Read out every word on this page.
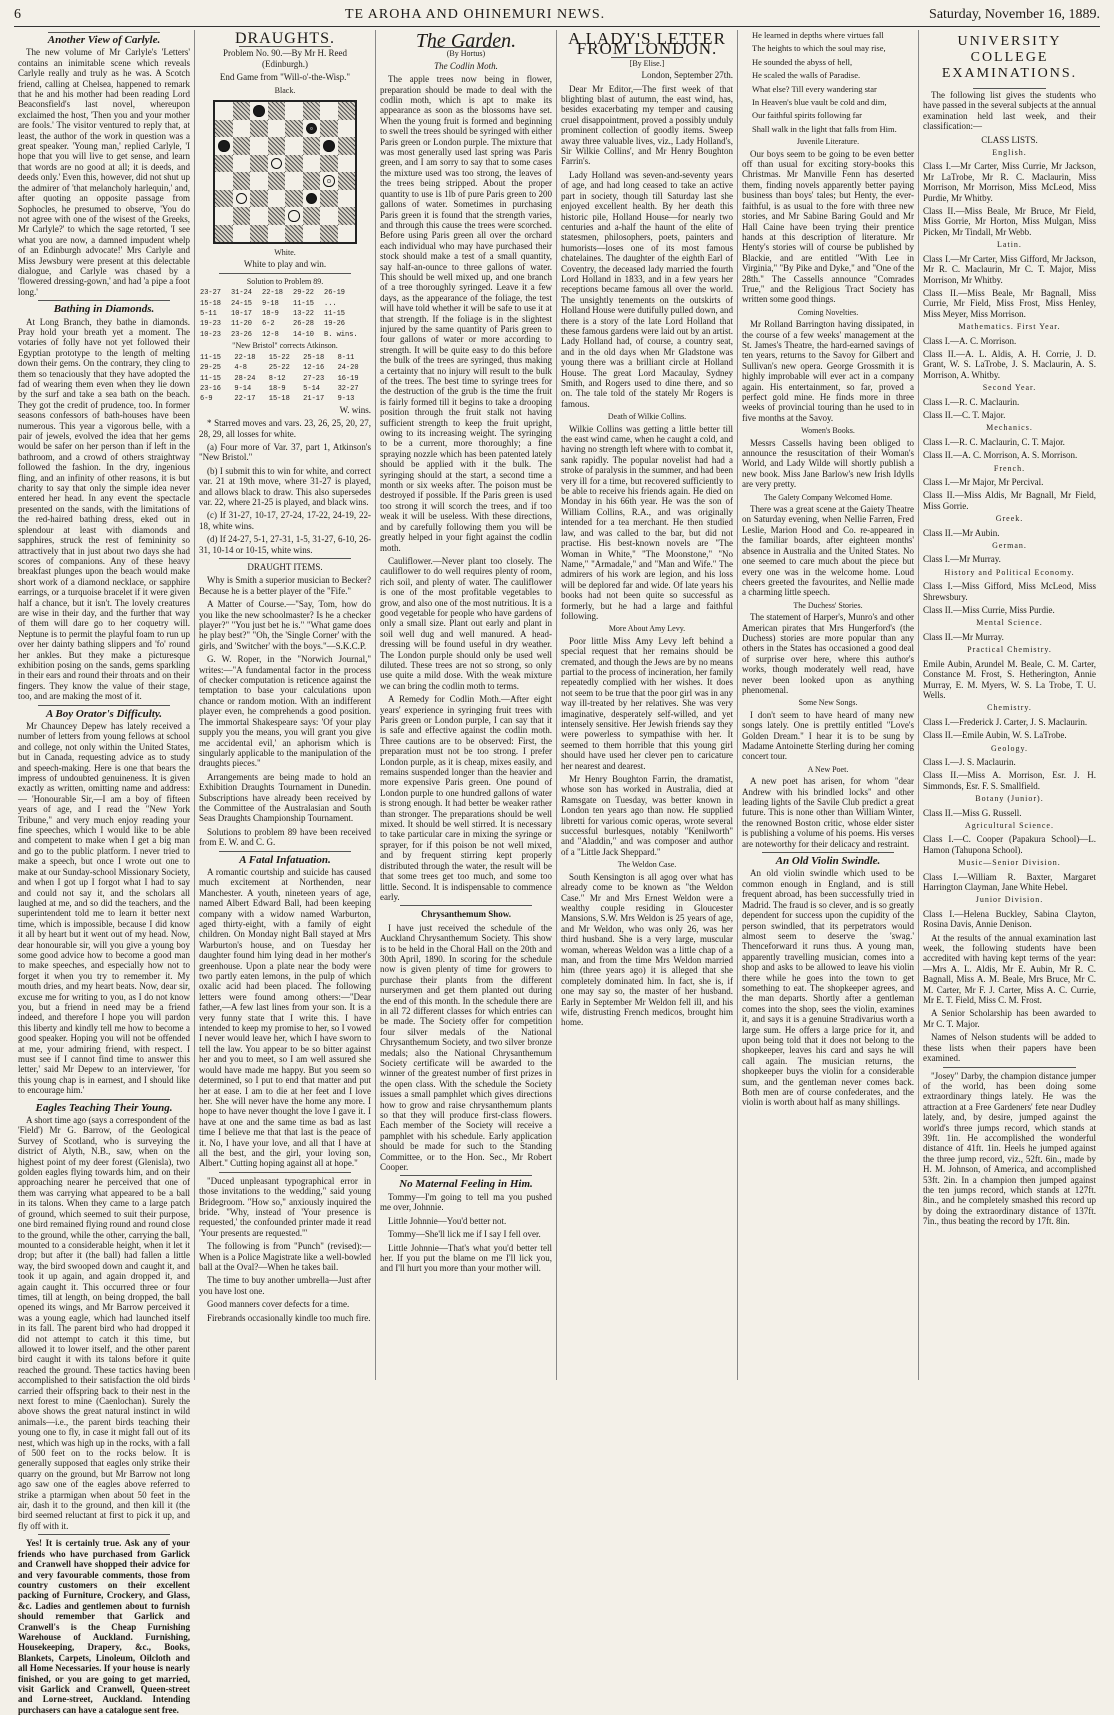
6	TE AROHA AND OHINEMURI NEWS.	Saturday, November 16, 1889.
Another View of Carlyle.

The new volume of Mr Carlyle's 'Letters' contains an inimitable scene which reveals Carlyle really and truly as he was. A Scotch friend, calling at Chelsea, happened to remark that he and his mother had been reading Lord Beaconsfield's last novel, whereupon exclaimed the host, 'Then you and your mother are fools.' The visitor ventured to reply that, at least, the author of the work in question was a great speaker. 'Young man,' replied Carlyle, 'I hope that you will live to get sense, and learn that words are no good at all; it is deeds, and deeds only.' Even this, however, did not shut up the admirer of 'that melancholy harlequin,' and, after quoting an opposite passage from Sophocles, he presumed to observe, 'You do not agree with one of the wisest of the Greeks, Mr Carlyle?' to which the sage retorted, 'I see what you are now, a damned impudent whelp of an Edinburgh advocate!' Mrs Carlyle and Miss Jewsbury were present at this delectable dialogue, and Carlyle was chased by a 'flowered dressing-gown,' and had 'a pipe a foot long.'

Bathing in Diamonds.

At Long Branch, they bathe in diamonds. Pray hold your breath yet a moment. The votaries of folly have not yet followed their Egyptian prototype to the length of melting down their gems. On the contrary, they cling to them so tenaciously that they have adopted the fad of wearing them even when they lie down by the surf and take a sea bath on the beach. They got the credit of prudence, too. In former seasons confessors of bath-houses have been numerous. This year a vigorous belle, with a pair of jewels, evolved the idea that her gems would be safer on her person than if left in the bathroom, and a crowd of others straightway followed the fashion. In the dry, ingenious fling, and an infinity of other reasons, it is but charity to say that only the simple idea never entered her head. In any event the spectacle presented on the sands, with the limitations of the red-haired bathing dress, eked out in splendour at least with diamonds and sapphires, struck the rest of femininity so attractively that in just about two days she had scores of companions. Any of these heavy breakfast plunges upon the beach would make short work of a diamond necklace, or sapphire earrings, or a turquoise bracelet if it were given half a chance, but it isn't. The lovely creatures are wise in their day, and the further that way of them will dare go to her coquetry will. Neptune is to permit the playful foam to run up over her dainty bathing slippers and 'fo' round her ankles. But they make a picturesque exhibition posing on the sands, gems sparkling in their ears and round their throats and on their fingers. They know the value of their stage, too, and are making the most of it.

A Boy Orator's Difficulty.

Mr Chauncey Depew has lately received a number of letters from young fellows at school and college, not only within the United States, but in Canada, requesting advice as to study and speech-making. Here is one that bears the impress of undoubted genuineness. It is given exactly as written, omitting name and address:— 'Honourable Sir,—I am a boy of fifteen years of age, and I read the "New York Tribune," and very much enjoy reading your fine speeches, which I would like to be able and competent to make when I get a big man and go to the public platform. I never tried to make a speech, but once I wrote out one to make at our Sunday-school Missionary Society, and when I got up I forgot what I had to say and could not say it, and the scholars all laughed at me, and so did the teachers, and the superintendent told me to learn it better next time, which is impossible, because I did know it all by heart but it went out of my head. Now, dear honourable sir, will you give a young boy some good advice how to become a good man to make speeches, and especially how not to forget it when you try to remember it. My mouth dries, and my heart beats. Now, dear sir, excuse me for writing to you, as I do not know you, but a friend in need may be a friend indeed, and therefore I hope you will pardon this liberty and kindly tell me how to become a good speaker. Hoping you will not be offended at me, your admiring friend, with respect. I must see if I cannot find time to answer this letter,' said Mr Depew to an interviewer, 'for this young chap is in earnest, and I should like to encourage him.'

Eagles Teaching Their Young.

A short time ago (says a correspondent of the 'Field') Mr G. Barrow, of the Geological Survey of Scotland, who is surveying the district of Alyth, N.B., saw, when on the highest point of my deer forest (Glenisla), two golden eagles flying towards him, and on their approaching nearer he perceived that one of them was carrying what appeared to be a ball in its talons. When they came to a large patch of ground, which seemed to suit their purpose, one bird remained flying round and round close to the ground, while the other, carrying the ball, mounted to a considerable height, when it let it drop; but after it (the ball) had fallen a little way, the bird swooped down and caught it, and took it up again, and again dropped it, and again caught it. This occurred three or four times, till at length, on being dropped, the ball opened its wings, and Mr Barrow perceived it was a young eagle, which had launched itself in its fall. The parent bird who had dropped it did not attempt to catch it this time, but allowed it to lower itself, and the other parent bird caught it with its talons before it quite reached the ground. These tactics having been accomplished to their satisfaction the old birds carried their offspring back to their nest in the next forest to mine (Caenlochan). Surely the above shows the great natural instinct in wild animals—i.e., the parent birds teaching their young one to fly, in case it might fall out of its nest, which was high up in the rocks, with a fall of 500 feet on to the rocks below. It is generally supposed that eagles only strike their quarry on the ground, but Mr Barrow not long ago saw one of the eagles above referred to strike a ptarmigan when about 50 feet in the air, dash it to the ground, and then kill it (the bird seemed reluctant at first to pick it up, and fly off with it.

Yes! It is certainly true. Ask any of your friends who have purchased from Garlick and Cranwell have shopped their advice for and very favourable comments, those from country customers on their excellent packing of Furniture, Crockery, and Glass, &c. Ladies and gentlemen about to furnish should remember that Garlick and Cranwell's is the Cheap Furnishing Warehouse of Auckland. Furnishing, Housekeeping, Drapery, &c., Books, Blankets, Carpets, Linoleum, Oilcloth and all Home Necessaries. If your house is nearly finished, or you are going to get married, visit Garlick and Cranwell, Queen-street and Lorne-street, Auckland. Intending purchasers can have a catalogue sent free.

DRAUGHTS.

Problem No. 90.—By Mr H. Reed (Edinburgh.)

End Game from "Will-o'-the-Wisp."

Black.

White.

White to play and win.

Solution to Problem 89.

23-27	31-24	22-18	29-22	26-19
15-18	24-15	9-18	11-15	...
5-11	10-17	18-9	13-22	11-15
19-23	11-20	6-2	26-28	19-26
10-23	23-26	12-8	14-10	B. wins.

"New Bristol" corrects Atkinson.

11-15	22-18	15-22	25-18	8-11
29-25	4-8	25-22	12-16	24-20
11-15	28-24	8-12	27-23	16-19
23-16	9-14	18-9	5-14	32-27
6-9	22-17	15-18	21-17	9-13

W. wins.

* Starred moves and vars. 23, 26, 25, 20, 27, 28, 29, all losses for white.

(a) Four more of Var. 37, part 1, Atkinson's "New Bristol."

(b) I submit this to win for white, and correct var. 21 at 19th move, where 31-27 is played, and allows black to draw. This also supersedes var. 22, where 21-25 is played, and black wins.

(c) If 31-27, 10-17, 27-24, 17-22, 24-19, 22-18, white wins.

(d) If 24-27, 5-1, 27-31, 1-5, 31-27, 6-10, 26-31, 10-14 or 10-15, white wins.

DRAUGHT ITEMS.

Why is Smith a superior musician to Becker? Because he is a better player of the "Fife."

A Matter of Course.—"Say, Tom, how do you like the new schoolmaster? Is he a checker player?" "You just bet he is." "What game does he play best?" "Oh, the 'Single Corner' with the girls, and 'Switcher' with the boys."—S.K.C.P.

G. W. Roper, in the "Norwich Journal," writes:—"A fundamental factor in the process of checker computation is reticence against the temptation to base your calculations upon chance or random motion. With an indifferent player even, he comprehends a good position. The immortal Shakespeare says: 'Of your play supply you the means, you will grant you give me accidental evil,' an aphorism which is singularly applicable to the manipulation of the draughts pieces."

Arrangements are being made to hold an Exhibition Draughts Tournament in Dunedin. Subscriptions have already been received by the Committee of the Australasian and South Seas Draughts Championship Tournament.

Solutions to problem 89 have been received from E. W. and C. G.

A Fatal Infatuation.

A romantic courtship and suicide has caused much excitement at Northenden, near Manchester. A youth, nineteen years of age, named Albert Edward Ball, had been keeping company with a widow named Warburton, aged thirty-eight, with a family of eight children. On Monday night Ball stayed at Mrs Warburton's house, and on Tuesday her daughter found him lying dead in her mother's greenhouse. Upon a plate near the body were two partly eaten lemons, in the pulp of which oxalic acid had been placed. The following letters were found among others:—"Dear father,—A few last lines from your son. It is a very funny state that I write this. I have intended to keep my promise to her, so I vowed I never would leave her, which I have sworn to tell the law. You appear to be so bitter against her and you to meet, so I am well assured she would have made me happy. But you seem so determined, so I put to end that matter and put her at ease. I am to die at her feet and I love her. She will never have the home any more. I hope to have never thought the love I gave it. I have at one and the same time as bad as last time I believe me that that last is the peace of it. No, I have your love, and all that I have at all the best, and the girl, your loving son, Albert." Cutting hoping against all at hope."

"Duced unpleasant typographical error in those invitations to the wedding," said young Bridegroom. "How so," anxiously inquired the bride. "Why, instead of 'Your presence is requested,' the confounded printer made it read 'Your presents are requested.'"

The following is from "Punch" (revised):—When is a Police Magistrate like a well-bowled ball at the Oval?—When he takes bail.

The time to buy another umbrella—Just after you have lost one.

Good manners cover defects for a time.

Firebrands occasionally kindle too much fire.

The Garden.

(By Hortus)

The Codlin Moth.

The apple trees now being in flower, preparation should be made to deal with the codlin moth, which is apt to make its appearance as soon as the blossoms have set. When the young fruit is formed and beginning to swell the trees should be syringed with either Paris green or London purple. The mixture that was most generally used last spring was Paris green, and I am sorry to say that to some cases the mixture used was too strong, the leaves of the trees being stripped. About the proper quantity to use is 1lb of pure Paris green to 200 gallons of water. Sometimes in purchasing Paris green it is found that the strength varies, and through this cause the trees were scorched. Before using Paris green all over the orchard each individual who may have purchased their stock should make a test of a small quantity, say half-an-ounce to three gallons of water. This should be well mixed up, and one branch of a tree thoroughly syringed. Leave it a few days, as the appearance of the foliage, the test will have told whether it will be safe to use it at that strength. If the foliage is in the slightest injured by the same quantity of Paris green to four gallons of water or more according to strength. It will be quite easy to do this before the bulk of the trees are syringed, thus making a certainty that no injury will result to the bulk of the trees. The best time to syringe trees for the destruction of the grub is the time the fruit is fairly formed till it begins to take a drooping position through the fruit stalk not having sufficient strength to keep the fruit upright, owing to its increasing weight. The syringing to be a current, more thoroughly; a fine spraying nozzle which has been patented lately should be applied with it the bulk. The syringing should at the start, a second time a month or six weeks after. The poison must be destroyed if possible. If the Paris green is used too strong it will scorch the trees, and if too weak it will be useless. With these directions, and by carefully following them you will be greatly helped in your fight against the codlin moth.

Cauliflower.—Never plant too closely. The cauliflower to do well requires plenty of room, rich soil, and plenty of water. The cauliflower is one of the most profitable vegetables to grow, and also one of the most nutritious. It is a good vegetable for people who have gardens of only a small size. Plant out early and plant in soil well dug and well manured. A head-dressing will be found useful in dry weather. The London purple should only be used well diluted. These trees are not so strong, so only use quite a mild dose. With the weak mixture we can bring the codlin moth to terms.

A Remedy for Codlin Moth.—After eight years' experience in syringing fruit trees with Paris green or London purple, I can say that it is safe and effective against the codlin moth. Three cautions are to be observed: First, the preparation must not be too strong. I prefer London purple, as it is cheap, mixes easily, and remains suspended longer than the heavier and more expensive Paris green. One pound of London purple to one hundred gallons of water is strong enough. It had better be weaker rather than stronger. The preparations should be well mixed. It should be well stirred. It is necessary to take particular care in mixing the syringe or sprayer, for if this poison be not well mixed, and by frequent stirring kept properly distributed through the water, the result will be that some trees get too much, and some too little. Second. It is indispensable to commence early.

Chrysanthemum Show.

I have just received the schedule of the Auckland Chrysanthemum Society. This show is to be held in the Choral Hall on the 20th and 30th April, 1890. In scoring for the schedule now is given plenty of time for growers to purchase their plants from the different nurserymen and get them planted out during the end of this month. In the schedule there are in all 72 different classes for which entries can be made. The Society offer for competition four silver medals of the National Chrysanthemum Society, and two silver bronze medals; also the National Chrysanthemum Society certificate will be awarded to the winner of the greatest number of first prizes in the open class. With the schedule the Society issues a small pamphlet which gives directions how to grow and raise chrysanthemum plants so that they will produce first-class flowers. Each member of the Society will receive a pamphlet with his schedule. Early application should be made for such to the Standing Committee, or to the Hon. Sec., Mr Robert Cooper.

No Maternal Feeling in Him.

Tommy—I'm going to tell ma you pushed me over, Johnnie.

Little Johnnie—You'd better not.

Tommy—She'll lick me if I say I fell over.

Little Johnnie—That's what you'd better tell her. If you put the blame on me I'll lick you, and I'll hurt you more than your mother will.

A LADY'S LETTER FROM LONDON.

[By Elise.]

London, September 27th.

Dear Mr Editor,—The first week of that blighting blast of autumn, the east wind, has, besides exacerbating my temper and causing cruel disappointment, proved a possibly unduly prominent collection of goodly items. Sweep away three valuable lives, viz., Lady Holland's, Sir Wilkie Collins', and Mr Henry Boughton Farrin's.

Lady Holland was seven-and-seventy years of age, and had long ceased to take an active part in society, though till Saturday last she enjoyed excellent health. By her death this historic pile, Holland House—for nearly two centuries and a-half the haunt of the elite of statesmen, philosophers, poets, painters and humorists—loses one of its most famous chatelaines. The daughter of the eighth Earl of Coventry, the deceased lady married the fourth Lord Holland in 1833, and in a few years her receptions became famous all over the world. The unsightly tenements on the outskirts of Holland House were dutifully pulled down, and there is a story of the late Lord Holland that these famous gardens were laid out by an artist. Lady Holland had, of course, a country seat, and in the old days when Mr Gladstone was young there was a brilliant circle at Holland House. The great Lord Macaulay, Sydney Smith, and Rogers used to dine there, and so on. The tale told of the stately Mr Rogers is famous.

Death of Wilkie Collins.

Wilkie Collins was getting a little better till the east wind came, when he caught a cold, and having no strength left where with to combat it, sank rapidly. The popular novelist had had a stroke of paralysis in the summer, and had been very ill for a time, but recovered sufficiently to be able to receive his friends again. He died on Monday in his 66th year. He was the son of William Collins, R.A., and was originally intended for a tea merchant. He then studied law, and was called to the bar, but did not practise. His best-known novels are "The Woman in White," "The Moonstone," "No Name," "Armadale," and "Man and Wife." The admirers of his work are legion, and his loss will be deplored far and wide. Of late years his books had not been quite so successful as formerly, but he had a large and faithful following.

More About Amy Levy.

Poor little Miss Amy Levy left behind a special request that her remains should be cremated, and though the Jews are by no means partial to the process of incineration, her family repeatedly complied with her wishes. It does not seem to be true that the poor girl was in any way ill-treated by her relatives. She was very imaginative, desperately self-willed, and yet intensely sensitive. Her Jewish friends say they were powerless to sympathise with her. It seemed to them horrible that this young girl should have used her clever pen to caricature her nearest and dearest.

Mr Henry Boughton Farrin, the dramatist, whose son has worked in Australia, died at Ramsgate on Tuesday, was better known in London ten years ago than now. He supplied libretti for various comic operas, wrote several successful burlesques, notably "Kenilworth" and "Aladdin," and was composer and author of a "Little Jack Sheppard."

The Weldon Case.

South Kensington is all agog over what has already come to be known as "the Weldon Case." Mr and Mrs Ernest Weldon were a wealthy couple residing in Gloucester Mansions, S.W. Mrs Weldon is 25 years of age, and Mr Weldon, who was only 26, was her third husband. She is a very large, muscular woman, whereas Weldon was a little chap of a man, and from the time Mrs Weldon married him (three years ago) it is alleged that she completely dominated him. In fact, she is, if one may say so, the master of her husband. Early in September Mr Weldon fell ill, and his wife, distrusting French medicos, brought him home.

He learned in depths where virtues fall

The heights to which the soul may rise,

He sounded the abyss of hell,

He scaled the walls of Paradise.

What else? Till every wandering star

In Heaven's blue vault be cold and dim,

Our faithful spirits following far

Shall walk in the light that falls from Him.

Juvenile Literature.

Our boys seem to be going to be even better off than usual for exciting story-books this Christmas. Mr Manville Fenn has deserted them, finding novels apparently better paying business than boys' tales; but Henty, the ever-faithful, is as usual to the fore with three new stories, and Mr Sabine Baring Gould and Mr Hall Caine have been trying their prentice hands at this description of literature. Mr Henty's stories will of course be published by Blackie, and are entitled "With Lee in Virginia," "By Pike and Dyke," and "One of the 28th." The Cassells announce "Comrades True," and the Religious Tract Society has written some good things.

Coming Novelties.

Mr Rolland Barrington having dissipated, in the course of a few weeks' management at the St. James's Theatre, the hard-earned savings of ten years, returns to the Savoy for Gilbert and Sullivan's new opera. George Grossmith it is highly improbable will ever act in a company again. His entertainment, so far, proved a perfect gold mine. He finds more in three weeks of provincial touring than he used to in five months at the Savoy.

Women's Books.

Messrs Cassells having been obliged to announce the resuscitation of their Woman's World, and Lady Wilde will shortly publish a new book. Miss Jane Barlow's new Irish Idylls are very pretty.

The Galety Company Welcomed Home.

There was a great scene at the Gaiety Theatre on Saturday evening, when Nellie Farren, Fred Leslie, Marion Hood and Co. re-appeared in the familiar boards, after eighteen months' absence in Australia and the United States. No one seemed to care much about the piece but every one was in the welcome home. Loud cheers greeted the favourites, and Nellie made a charming little speech.

The Duchess' Stories.

The statement of Harper's, Munro's and other American pirates that Mrs Hungerford's (the Duchess) stories are more popular than any others in the States has occasioned a good deal of surprise over here, where this author's works, though moderately well read, have never been looked upon as anything phenomenal.

Some New Songs.

I don't seem to have heard of many new songs lately. One is prettily entitled "Love's Golden Dream." I hear it is to be sung by Madame Antoinette Sterling during her coming concert tour.

A New Poet.

A new poet has arisen, for whom "dear Andrew with his brindled locks" and other leading lights of the Savile Club predict a great future. This is none other than William Winter, the renowned Boston critic, whose elder sister is publishing a volume of his poems. His verses are noteworthy for their delicacy and restraint.

An Old Violin Swindle.

An old violin swindle which used to be common enough in England, and is still frequent abroad, has been successfully tried in Madrid. The fraud is so clever, and is so greatly dependent for success upon the cupidity of the person swindled, that its perpetrators would almost seem to deserve the 'swag.' Thenceforward it runs thus. A young man, apparently travelling musician, comes into a shop and asks to be allowed to leave his violin there while he goes into the town to get something to eat. The shopkeeper agrees, and the man departs. Shortly after a gentleman comes into the shop, sees the violin, examines it, and says it is a genuine Stradivarius worth a large sum. He offers a large price for it, and upon being told that it does not belong to the shopkeeper, leaves his card and says he will call again. The musician returns, the shopkeeper buys the violin for a considerable sum, and the gentleman never comes back. Both men are of course confederates, and the violin is worth about half as many shillings.

UNIVERSITY COLLEGE EXAMINATIONS.

The following list gives the students who have passed in the several subjects at the annual examination held last week, and their classification:—

CLASS LISTS.

English.

Class I.—Mr Carter, Miss Currie, Mr Jackson, Mr LaTrobe, Mr R. C. Maclaurin, Miss Morrison, Mr Morrison, Miss McLeod, Miss Purdie, Mr Whitby.

Class II.—Miss Beale, Mr Bruce, Mr Field, Miss Gorrie, Mr Horton, Miss Mulgan, Miss Picken, Mr Tindall, Mr Webb.

Latin.

Class I.—Mr Carter, Miss Gifford, Mr Jackson, Mr R. C. Maclaurin, Mr C. T. Major, Miss Morrison, Mr Whitby.

Class II.—Miss Beale, Mr Bagnall, Miss Currie, Mr Field, Miss Frost, Miss Henley, Miss Meyer, Miss Morrison.

Mathematics. First Year.

Class I.—A. C. Morrison.

Class II.—A. L. Aldis, A. H. Corrie, J. D. Grant, W. S. LaTrobe, J. S. Maclaurin, A. S. Morrison, A. Whitby.

Second Year.

Class I.—R. C. Maclaurin.

Class II.—C. T. Major.

Mechanics.

Class I.—R. C. Maclaurin, C. T. Major.

Class II.—A. C. Morrison, A. S. Morrison.

French.

Class I.—Mr Major, Mr Percival.

Class II.—Miss Aldis, Mr Bagnall, Mr Field, Miss Gorrie.

Greek.

Class II.—Mr Aubin.

German.

Class I.—Mr Murray.

History and Political Economy.

Class I.—Miss Gifford, Miss McLeod, Miss Shrewsbury.

Class II.—Miss Currie, Miss Purdie.

Mental Science.

Class II.—Mr Murray.

Practical Chemistry.

Emile Aubin, Arundel M. Beale, C. M. Carter, Constance M. Frost, S. Hetherington, Annie Murray, E. M. Myers, W. S. La Trobe, T. U. Wells.

Chemistry.

Class I.—Frederick J. Carter, J. S. Maclaurin.

Class II.—Emile Aubin, W. S. LaTrobe.

Geology.

Class I.—J. S. Maclaurin.

Class II.—Miss A. Morrison, Esr. J. H. Simmonds, Esr. F. S. Smallfield.

Botany (Junior).

Class II.—Miss G. Russell.

Agricultural Science.

Class I.—C. Cooper (Papakura School)—L. Hamon (Tahupona School).

Music—Senior Division.

Class I.—William R. Baxter, Margaret Harrington Clayman, Jane White Hebel.

Junior Division.

Class I.—Helena Buckley, Sabina Clayton, Rosina Davis, Annie Denison.

At the results of the annual examination last week, the following students have been accredited with having kept terms of the year:—Mrs A. L. Aldis, Mr E. Aubin, Mr R. C. Bagnall, Miss A. M. Beale, Mrs Bruce, Mr C. M. Carter, Mr F. J. Carter, Miss A. C. Currie, Mr E. T. Field, Miss C. M. Frost.

A Senior Scholarship has been awarded to Mr C. T. Major.

Names of Nelson students will be added to these lists when their papers have been examined.

"Josey" Darby, the champion distance jumper of the world, has been doing some extraordinary things lately. He was the attraction at a Free Gardeners' fete near Dudley lately, and, by desire, jumped against the world's three jumps record, which stands at 39ft. 1in. He accomplished the wonderful distance of 41ft. 1in. Heels he jumped against the three jump record, viz., 52ft. 6in., made by H. M. Johnson, of America, and accomplished 53ft. 2in. In a champion then jumped against the ten jumps record, which stands at 127ft. 8in., and he completely smashed this record up by doing the extraordinary distance of 137ft. 7in., thus beating the record by 17ft. 8in.
